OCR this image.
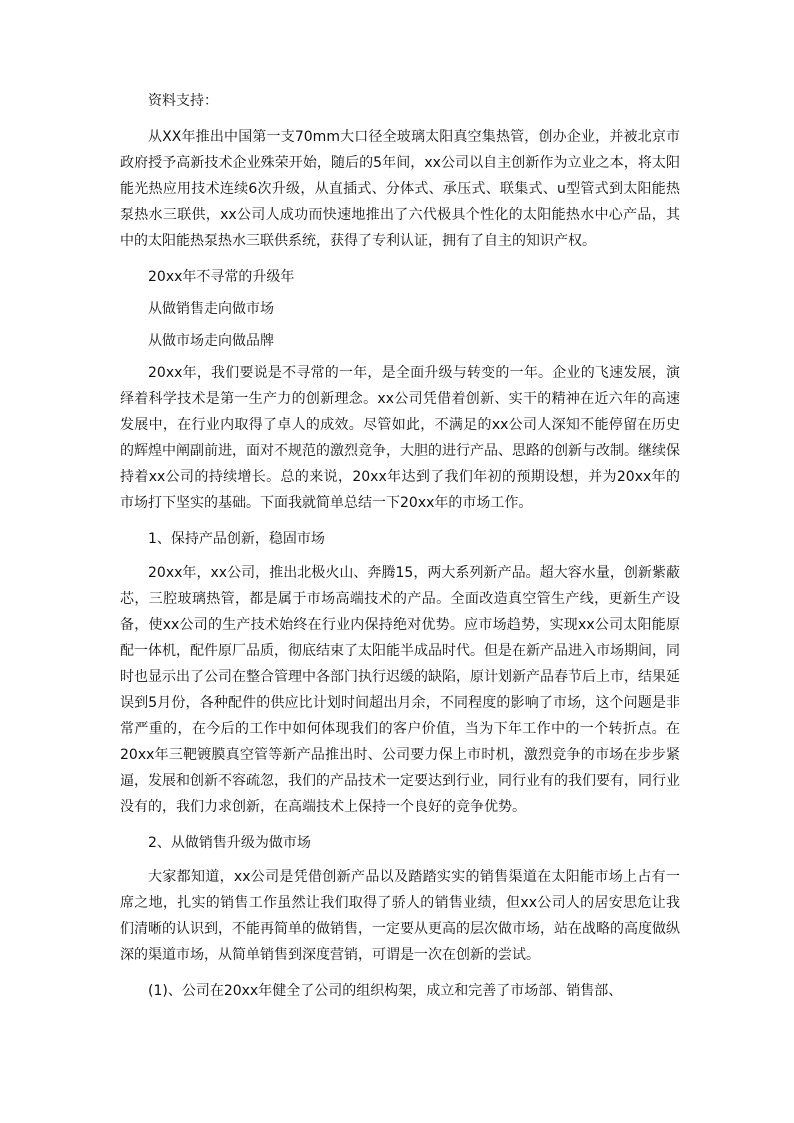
资料支持：

从XX年推出中国第一支70mm大口径全玻璃太阳真空集热管，创办企业，并被北京市政府授予高新技术企业殊荣开始，随后的5年间，xx公司以自主创新作为立业之本，将太阳能光热应用技术连续6次升级，从直插式、分体式、承压式、联集式、u型管式到太阳能热泵热水三联供，xx公司人成功而快速地推出了六代极具个性化的太阳能热水中心产品，其中的太阳能热泵热水三联供系统，获得了专利认证，拥有了自主的知识产权。

20xx年不寻常的升级年

从做销售走向做市场

从做市场走向做品牌

20xx年，我们要说是不寻常的一年，是全面升级与转变的一年。企业的飞速发展，演绎着科学技术是第一生产力的创新理念。xx公司凭借着创新、实干的精神在近六年的高速发展中，在行业内取得了卓人的成效。尽管如此，不满足的xx公司人深知不能停留在历史的辉煌中阐副前进，面对不规范的激烈竞争，大胆的进行产品、思路的创新与改制。继续保持着xx公司的持续增长。总的来说，20xx年达到了我们年初的预期设想，并为20xx年的市场打下坚实的基础。下面我就简单总结一下20xx年的市场工作。

1、保持产品创新，稳固市场

20xx年，xx公司，推出北极火山、奔腾15，两大系列新产品。超大容水量，创新紫蔽芯，三腔玻璃热管，都是属于市场高端技术的产品。全面改造真空管生产线，更新生产设备，使xx公司的生产技术始终在行业内保持绝对优势。应市场趋势，实现xx公司太阳能原配一体机，配件原厂品质，彻底结束了太阳能半成品时代。但是在新产品进入市场期间，同时也显示出了公司在整合管理中各部门执行迟缓的缺陷，原计划新产品春节后上市，结果延误到5月份，各种配件的供应比计划时间超出月余，不同程度的影响了市场，这个问题是非常严重的，在今后的工作中如何体现我们的客户价值，当为下年工作中的一个转折点。在20xx年三靶镀膜真空管等新产品推出时、公司要力保上市时机，激烈竞争的市场在步步紧逼，发展和创新不容疏忽，我们的产品技术一定要达到行业，同行业有的我们要有，同行业没有的，我们力求创新，在高端技术上保持一个良好的竞争优势。

2、从做销售升级为做市场

大家都知道，xx公司是凭借创新产品以及踏踏实实的销售渠道在太阳能市场上占有一席之地，扎实的销售工作虽然让我们取得了骄人的销售业绩，但xx公司人的居安思危让我们清晰的认识到，不能再简单的做销售，一定要从更高的层次做市场，站在战略的高度做纵深的渠道市场，从简单销售到深度营销，可谓是一次在创新的尝试。

(1)、公司在20xx年健全了公司的组织构架，成立和完善了市场部、销售部、
